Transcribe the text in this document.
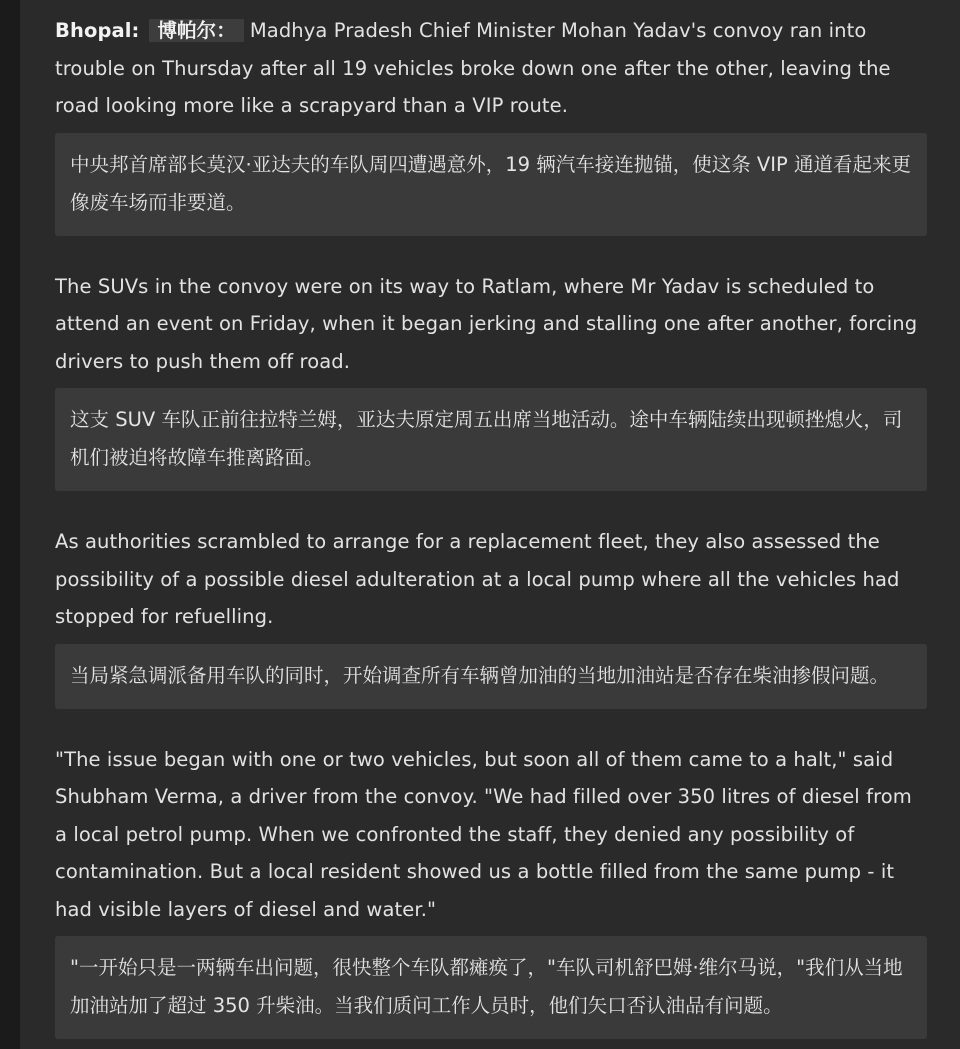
Bhopal: 博帕尔： Madhya Pradesh Chief Minister Mohan Yadav's convoy ran into trouble on Thursday after all 19 vehicles broke down one after the other, leaving the road looking more like a scrapyard than a VIP route.

中央邦首席部长莫汉·亚达夫的车队周四遭遇意外，19 辆汽车接连抛锚，使这条 VIP 通道看起来更像废车场而非要道。

The SUVs in the convoy were on its way to Ratlam, where Mr Yadav is scheduled to attend an event on Friday, when it began jerking and stalling one after another, forcing drivers to push them off road.

这支 SUV 车队正前往拉特兰姆，亚达夫原定周五出席当地活动。途中车辆陆续出现顿挫熄火，司机们被迫将故障车推离路面。

As authorities scrambled to arrange for a replacement fleet, they also assessed the possibility of a possible diesel adulteration at a local pump where all the vehicles had stopped for refuelling.

当局紧急调派备用车队的同时，开始调查所有车辆曾加油的当地加油站是否存在柴油掺假问题。

"The issue began with one or two vehicles, but soon all of them came to a halt," said Shubham Verma, a driver from the convoy. "We had filled over 350 litres of diesel from a local petrol pump. When we confronted the staff, they denied any possibility of contamination. But a local resident showed us a bottle filled from the same pump - it had visible layers of diesel and water."

"一开始只是一两辆车出问题，很快整个车队都瘫痪了，"车队司机舒巴姆·维尔马说，"我们从当地加油站加了超过 350 升柴油。当我们质问工作人员时，他们矢口否认油品有问题。
